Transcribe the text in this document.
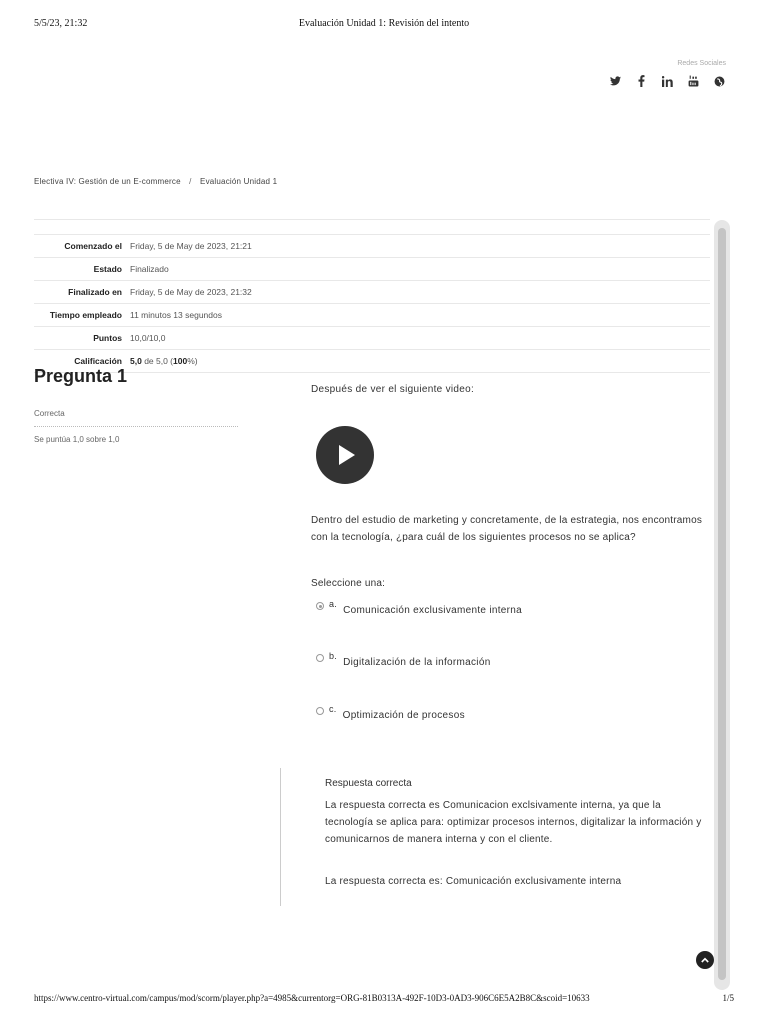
5/5/23, 21:32	Evaluación Unidad 1: Revisión del intento
Redes Sociales
Electiva IV: Gestión de un E-commerce / Evaluación Unidad 1
Comenzado el Friday, 5 de May de 2023, 21:21
Estado Finalizado
Finalizado en Friday, 5 de May de 2023, 21:32
Tiempo empleado 11 minutos 13 segundos
Puntos 10,0/10,0
Calificación 5,0 de 5,0 (100%)
Pregunta 1
Correcta
Se puntúa 1,0 sobre 1,0
Después de ver el siguiente video:
Dentro del estudio de marketing y concretamente, de la estrategia, nos encontramos con la tecnología, ¿para cuál de los siguientes procesos no se aplica?
Seleccione una:
a.
Comunicación exclusivamente interna
b.
Digitalización de la información
c.
Optimización de procesos
Respuesta correcta
La respuesta correcta es Comunicacion exclsivamente interna, ya que la tecnología se aplica para: optimizar procesos internos, digitalizar la información y comunicarnos de manera interna y con el cliente.
La respuesta correcta es: Comunicación exclusivamente interna
https://www.centro-virtual.com/campus/mod/scorm/player.php?a=4985&currentorg=ORG-81B0313A-492F-10D3-0AD3-906C6E5A2B8C&scoid=10633	1/5
